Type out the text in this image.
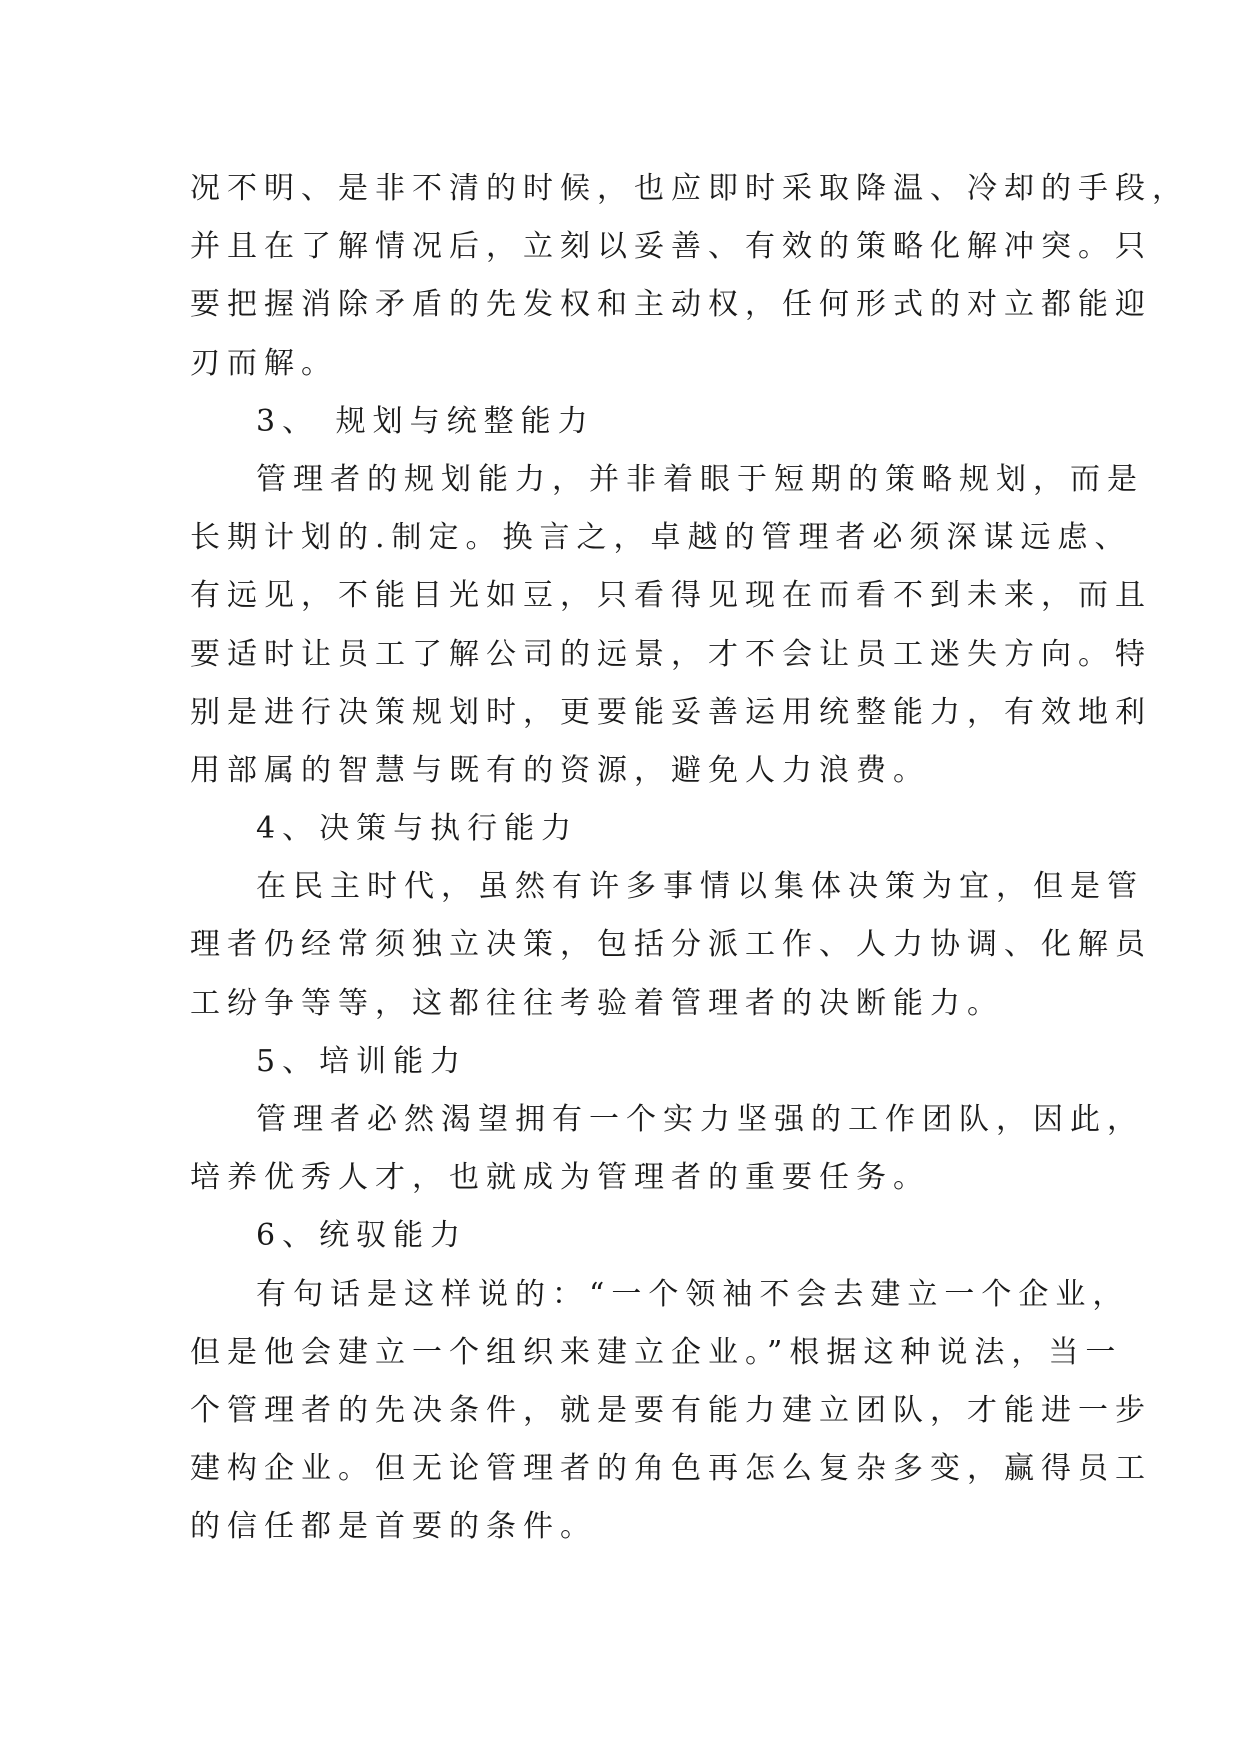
况不明、是非不清的时候，也应即时采取降温、冷却的手段，
并且在了解情况后，立刻以妥善、有效的策略化解冲突。只
要把握消除矛盾的先发权和主动权，任何形式的对立都能迎
刃而解。
3、 规划与统整能力
管理者的规划能力，并非着眼于短期的策略规划，而是
长期计划的.制定。换言之，卓越的管理者必须深谋远虑、
有远见，不能目光如豆，只看得见现在而看不到未来，而且
要适时让员工了解公司的远景，才不会让员工迷失方向。特
别是进行决策规划时，更要能妥善运用统整能力，有效地利
用部属的智慧与既有的资源，避免人力浪费。
4、决策与执行能力
在民主时代，虽然有许多事情以集体决策为宜，但是管
理者仍经常须独立决策，包括分派工作、人力协调、化解员
工纷争等等，这都往往考验着管理者的决断能力。
5、培训能力
管理者必然渴望拥有一个实力坚强的工作团队，因此，
培养优秀人才，也就成为管理者的重要任务。
6、统驭能力
有句话是这样说的：“一个领袖不会去建立一个企业，
但是他会建立一个组织来建立企业。”根据这种说法，当一
个管理者的先决条件，就是要有能力建立团队，才能进一步
建构企业。但无论管理者的角色再怎么复杂多变，赢得员工
的信任都是首要的条件。
